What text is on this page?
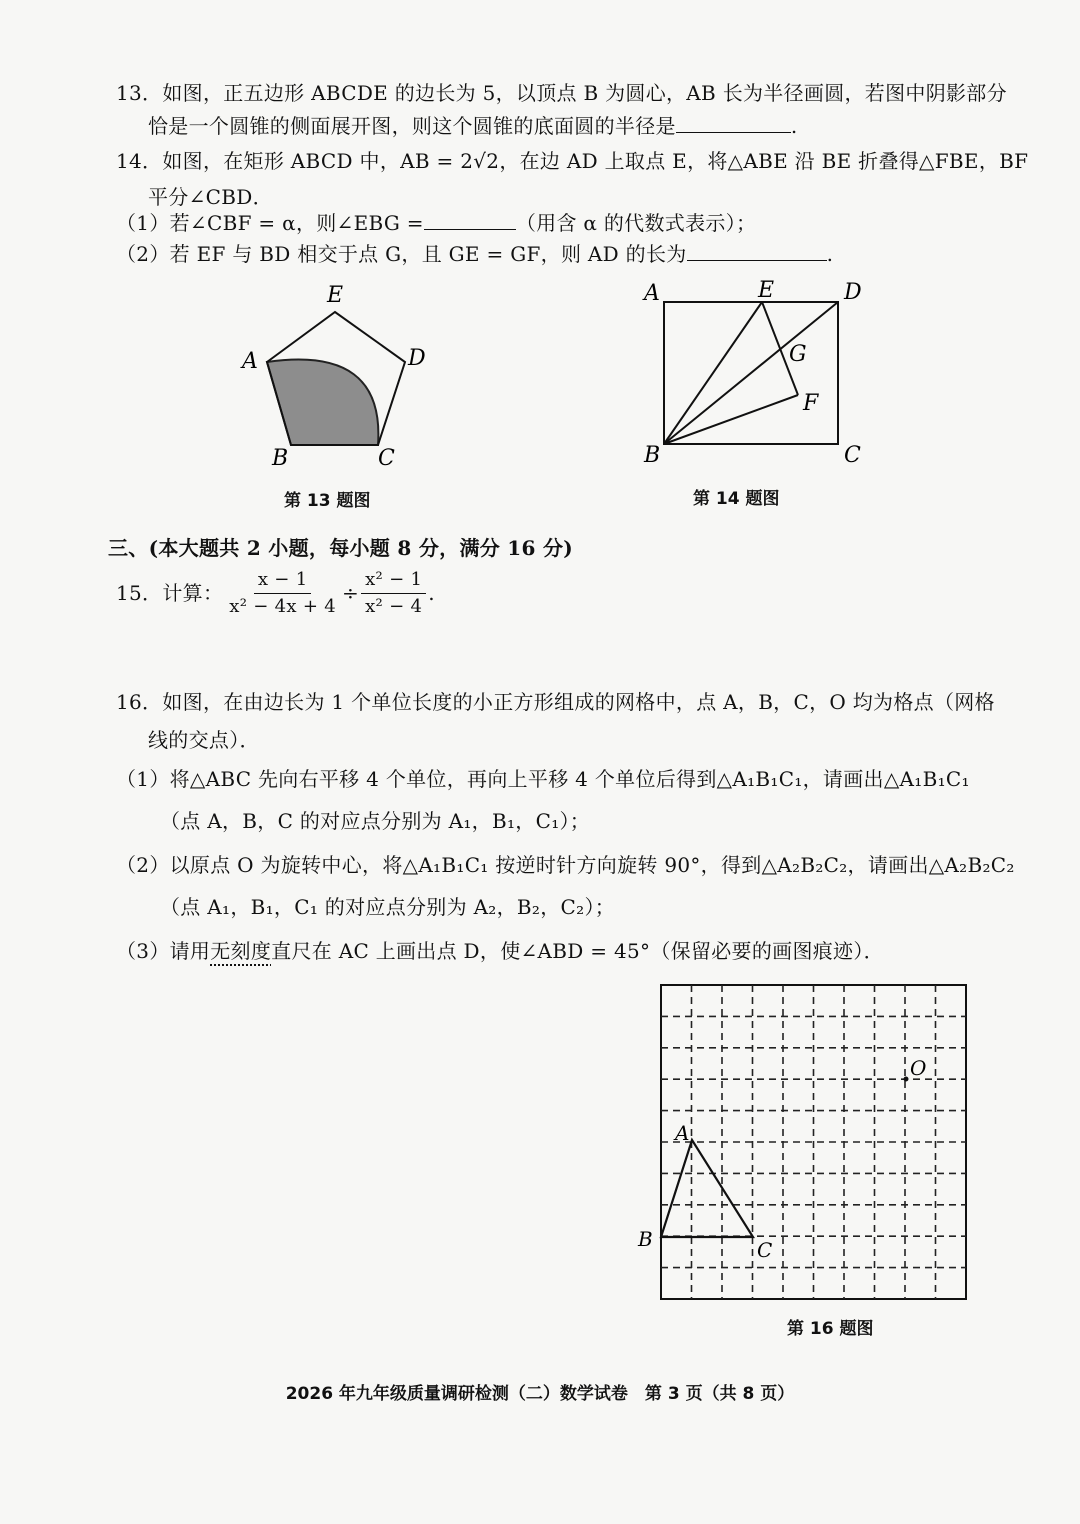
13．如图，正五边形 ABCDE 的边长为 5，以顶点 B 为圆心，AB 长为半径画圆，若图中阴影部分
恰是一个圆锥的侧面展开图，则这个圆锥的底面圆的半径是	.
14．如图，在矩形 ABCD 中，AB = 2√2，在边 AD 上取点 E，将△ABE 沿 BE 折叠得△FBE，BF
平分∠CBD．
（1）若∠CBF = α，则∠EBG =	（用含 α 的代数式表示）；
（2）若 EF 与 BD 相交于点 G，且 GE = GF，则 AD 的长为	.
E
A	D
B	C
第 13 题图
A	E	D
G
F
B	C
第 14 题图
三、(本大题共 2 小题，每小题 8 分，满分 16 分)
15．计算： $\frac{x - 1}{\text{x² − 4x + 4}} \div \frac{\text{x² − 1}}{\text{x² − 4}}$ .
16．如图，在由边长为 1 个单位长度的小正方形组成的网格中，点 A，B，C，O 均为格点（网格
线的交点）．
（1）将△ABC 先向右平移 4 个单位，再向上平移 4 个单位后得到△A₁B₁C₁，请画出△A₁B₁C₁
（点 A，B，C 的对应点分别为 A₁，B₁，C₁）；
（2）以原点 O 为旋转中心，将△A₁B₁C₁ 按逆时针方向旋转 90°，得到△A₂B₂C₂，请画出△A₂B₂C₂
（点 A₁，B₁，C₁ 的对应点分别为 A₂，B₂，C₂）；
（3）请用无刻度直尺在 AC 上画出点 D，使∠ABD = 45°（保留必要的画图痕迹）．
A
B	C
O
第 16 题图
2026 年九年级质量调研检测（二）数学试卷　第 3 页（共 8 页）
